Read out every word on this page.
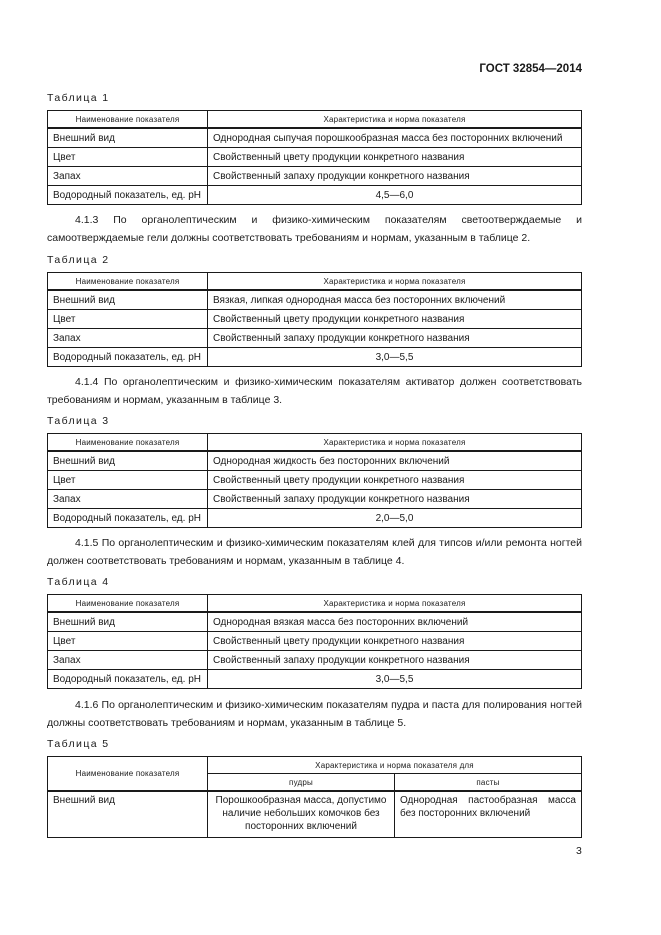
ГОСТ 32854—2014
Таблица 1
Наименование показателя	Характеристика и норма показателя
Внешний вид	Однородная сыпучая порошкообразная масса без посторонних включений
Цвет	Свойственный цвету продукции конкретного названия
Запах	Свойственный запаху продукции конкретного названия
Водородный показатель, ед. pH	4,5—6,0
4.1.3 По органолептическим и физико-химическим показателям светоотверждаемые и самоотверждаемые гели должны соответствовать требованиям и нормам, указанным в таблице 2.
Таблица 2
Наименование показателя	Характеристика и норма показателя
Внешний вид	Вязкая, липкая однородная масса без посторонних включений
Цвет	Свойственный цвету продукции конкретного названия
Запах	Свойственный запаху продукции конкретного названия
Водородный показатель, ед. pH	3,0—5,5
4.1.4 По органолептическим и физико-химическим показателям активатор должен соответствовать требованиям и нормам, указанным в таблице 3.
Таблица 3
Наименование показателя	Характеристика и норма показателя
Внешний вид	Однородная жидкость без посторонних включений
Цвет	Свойственный цвету продукции конкретного названия
Запах	Свойственный запаху продукции конкретного названия
Водородный показатель, ед. pH	2,0—5,0
4.1.5 По органолептическим и физико-химическим показателям клей для типсов и/или ремонта ногтей должен соответствовать требованиям и нормам, указанным в таблице 4.
Таблица 4
Наименование показателя	Характеристика и норма показателя
Внешний вид	Однородная вязкая масса без посторонних включений
Цвет	Свойственный цвету продукции конкретного названия
Запах	Свойственный запаху продукции конкретного названия
Водородный показатель, ед. pH	3,0—5,5
4.1.6 По органолептическим и физико-химическим показателям пудра и паста для полирования ногтей должны соответствовать требованиям и нормам, указанным в таблице 5.
Таблица 5
Наименование показателя	Характеристика и норма показателя для	
	пудры	пасты
Внешний вид	Порошкообразная масса, допустимо наличие небольших комочков без посторонних включений	Однородная пастообразная масса без посторонних включений
3
